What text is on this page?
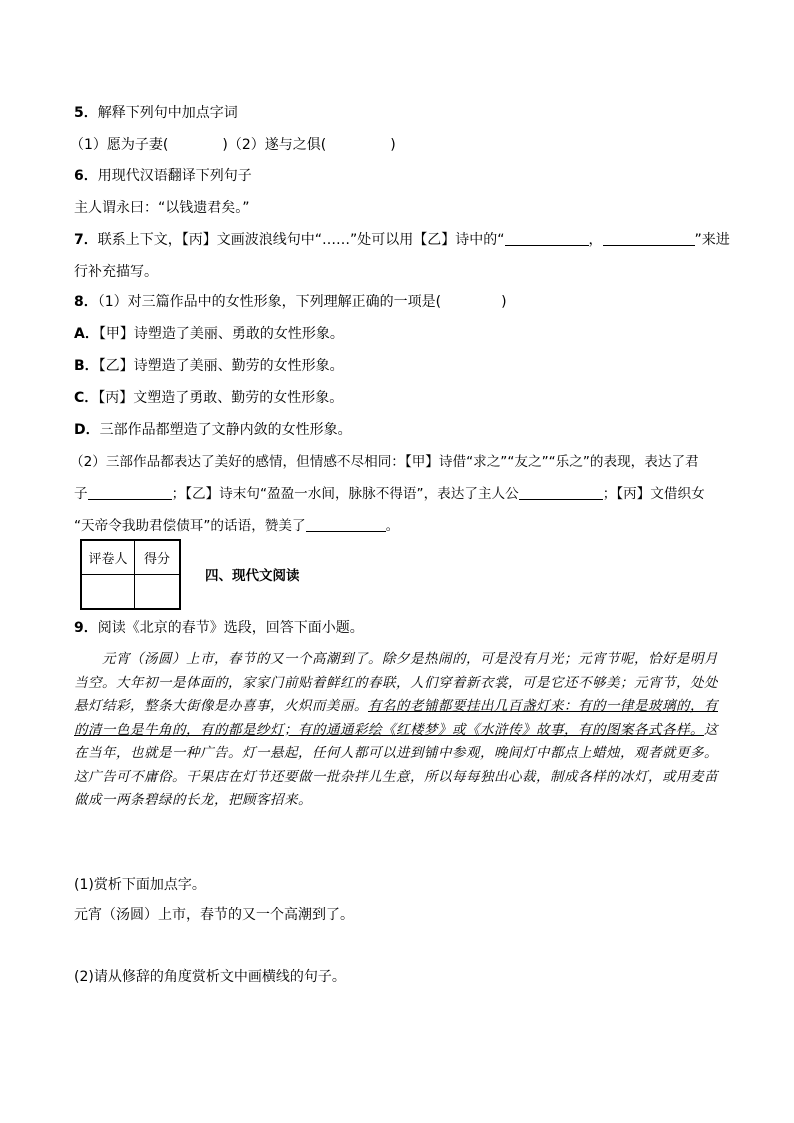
5．解释下列句中加点字词
（1）愿为子妻(	)（2）遂与之俱(	)
6．用现代汉语翻译下列句子
主人谓永曰：“以钱遗君矣。”
7．联系上下文，【丙】文画波浪线句中“……”处可以用【乙】诗中的“	，	”来进
行补充描写。
8．（1）对三篇作品中的女性形象，下列理解正确的一项是(	)
A．【甲】诗塑造了美丽、勇敢的女性形象。
B．【乙】诗塑造了美丽、勤劳的女性形象。
C．【丙】文塑造了勇敢、勤劳的女性形象。
D．三部作品都塑造了文静内敛的女性形象。
（2）三部作品都表达了美好的感情，但情感不尽相同：【甲】诗借“求之”“友之”“乐之”的表现，表达了君
子	；【乙】诗末句“盈盈一水间，脉脉不得语”，表达了主人公	；【丙】文借织女
“天帝令我助君偿债耳”的话语，赞美了	。
评卷人	得分

四、现代文阅读
9．阅读《北京的春节》选段，回答下面小题。
元宵（汤圆）上市，春节的又一个高潮到了。除夕是热闹的，可是没有月光；元宵节呢，恰好是明月
当空。大年初一是体面的，家家门前贴着鲜红的春联，人们穿着新衣裳，可是它还不够美；元宵节，处处
悬灯结彩，整条大街像是办喜事，火炽而美丽。有名的老铺都要挂出几百盏灯来：有的一律是玻璃的，有
的清一色是牛角的，有的都是纱灯；有的通通彩绘《红楼梦》或《水浒传》故事，有的图案各式各样。这
在当年，也就是一种广告。灯一悬起，任何人都可以进到铺中参观，晚间灯中都点上蜡烛，观者就更多。
这广告可不庸俗。干果店在灯节还要做一批杂拌儿生意，所以每每独出心裁，制成各样的冰灯，或用麦苗
做成一两条碧绿的长龙，把顾客招来。
(1)赏析下面加点字。
元宵（汤圆）上市，春节的又一个高潮到了。
(2)请从修辞的角度赏析文中画横线的句子。
